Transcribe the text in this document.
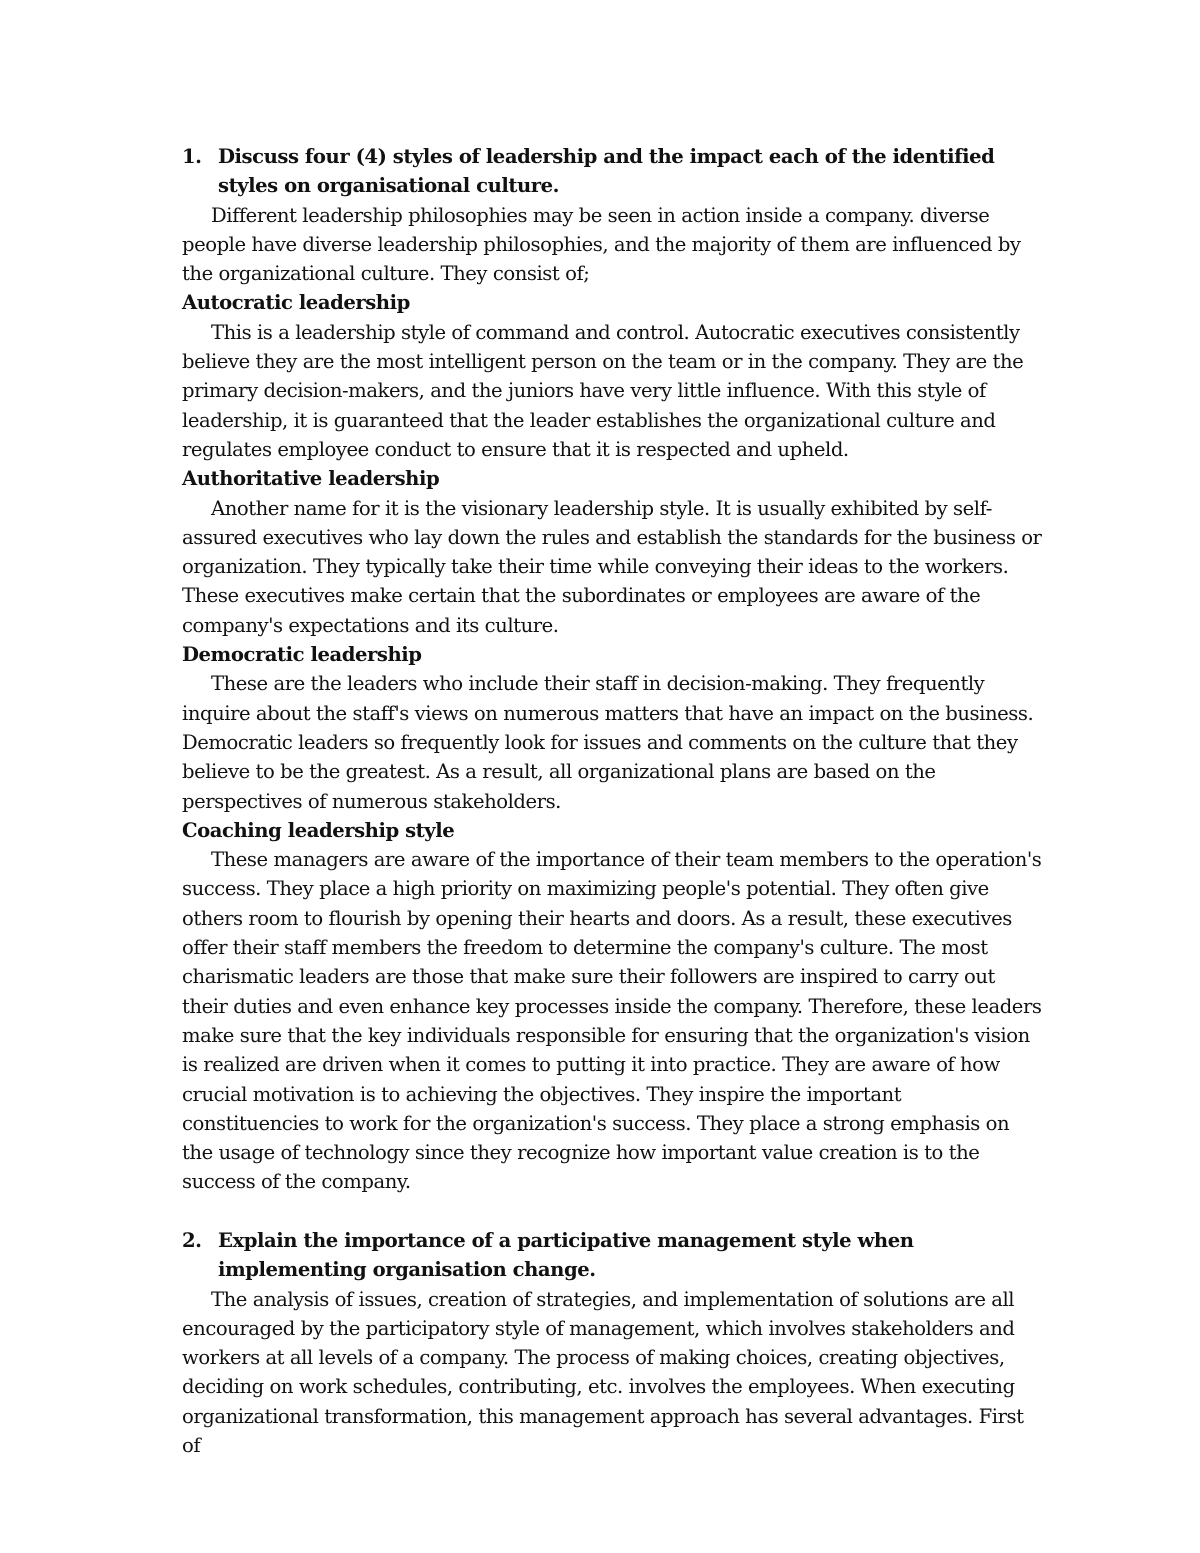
1. Discuss four (4) styles of leadership and the impact each of the identified styles on organisational culture.

Different leadership philosophies may be seen in action inside a company. diverse people have diverse leadership philosophies, and the majority of them are influenced by the organizational culture. They consist of;

Autocratic leadership

This is a leadership style of command and control. Autocratic executives consistently believe they are the most intelligent person on the team or in the company. They are the primary decision-makers, and the juniors have very little influence. With this style of leadership, it is guaranteed that the leader establishes the organizational culture and regulates employee conduct to ensure that it is respected and upheld.

Authoritative leadership

Another name for it is the visionary leadership style. It is usually exhibited by self-assured executives who lay down the rules and establish the standards for the business or organization. They typically take their time while conveying their ideas to the workers. These executives make certain that the subordinates or employees are aware of the company's expectations and its culture.

Democratic leadership

These are the leaders who include their staff in decision-making. They frequently inquire about the staff's views on numerous matters that have an impact on the business. Democratic leaders so frequently look for issues and comments on the culture that they believe to be the greatest. As a result, all organizational plans are based on the perspectives of numerous stakeholders.

Coaching leadership style

These managers are aware of the importance of their team members to the operation's success. They place a high priority on maximizing people's potential. They often give others room to flourish by opening their hearts and doors. As a result, these executives offer their staff members the freedom to determine the company's culture. The most charismatic leaders are those that make sure their followers are inspired to carry out their duties and even enhance key processes inside the company. Therefore, these leaders make sure that the key individuals responsible for ensuring that the organization's vision is realized are driven when it comes to putting it into practice. They are aware of how crucial motivation is to achieving the objectives. They inspire the important constituencies to work for the organization's success. They place a strong emphasis on the usage of technology since they recognize how important value creation is to the success of the company.

2. Explain the importance of a participative management style when implementing organisation change.

The analysis of issues, creation of strategies, and implementation of solutions are all encouraged by the participatory style of management, which involves stakeholders and workers at all levels of a company. The process of making choices, creating objectives, deciding on work schedules, contributing, etc. involves the employees. When executing organizational transformation, this management approach has several advantages. First of
